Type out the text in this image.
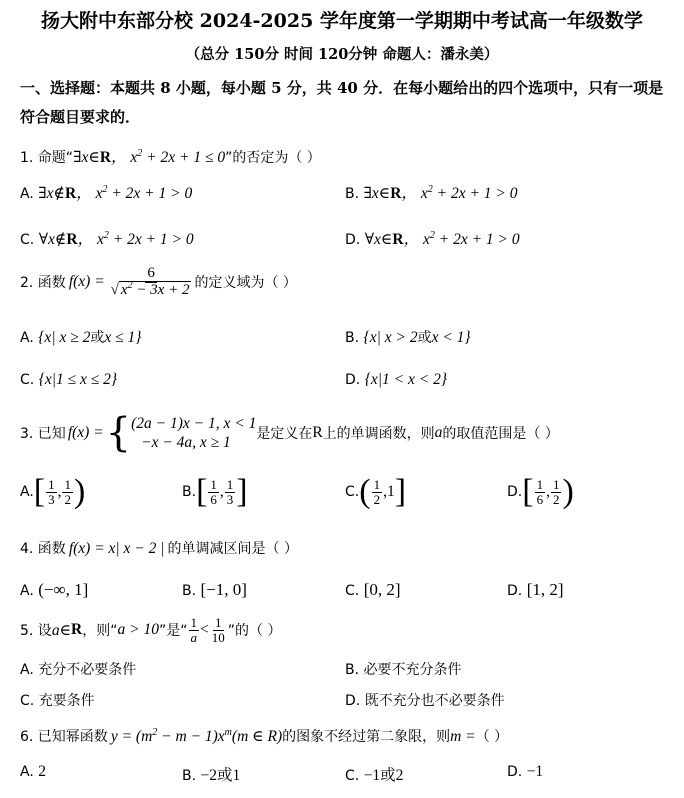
扬大附中东部分校 2024-2025 学年度第一学期期中考试高一年级数学
（总分 150分 时间 120分钟 命题人：潘永美）
一、选择题：本题共 8 小题，每小题 5 分，共 40 分．在每小题给出的四个选项中，只有一项是符合题目要求的．
1. 命题“∃x∈R， $x^2 + 2x + 1 \le 0$”的否定为（ ）
A. ∃x∉R， $x^2 + 2x + 1 > 0$	B. ∃x∈R， $x^2 + 2x + 1 > 0$
C. ∀x∉R， $x^2 + 2x + 1 > 0$	D. ∀x∈R， $x^2 + 2x + 1 > 0$
2. 函数 $f(x) = \frac{6}{√ x^2 - 3x + 2}$ 的定义域为（ ）
A. {x| x ≥ 2或x ≤ 1}	B. {x| x > 2或x < 1}
C. {x|1 ≤ x ≤ 2}	D. {x|1 < x < 2}
3. 已知 f(x) = { (2a − 1)x − 1, x < 1
−x − 4a, x ≥ 1	是定义在 R 上的单调函数，则 a 的取值范围是（ ）
A. [ $\frac{1}{3}$ , $\frac{1}{2}$ )	B. [ $\frac{1}{6}$ , $\frac{1}{3}$ ]	C. ( $\frac{1}{2} ,1$ ]	D. [ $\frac{1}{6}$ , $\frac{1}{2}$ )
4. 函数 f(x) = x| x − 2 | 的单调减区间是（ ）
A. (−∞, 1]	B. [−1, 0]	C. [0, 2]	D. [1, 2]
5. 设 a∈ R ，则“ a > 10 ”是“ $\frac{1}{a} < \frac{1}{10}$ ”的（ ）
A. 充分不必要条件	B. 必要不充分条件
C. 充要条件	D. 既不充分也不必要条件
6. 已知幂函数 $y = (m^2 - m - 1)x^m(m$ ∈ R)的图象不经过第二象限，则m =（ ）
A. 2	B. −2或1	C. −1或2	D. −1
